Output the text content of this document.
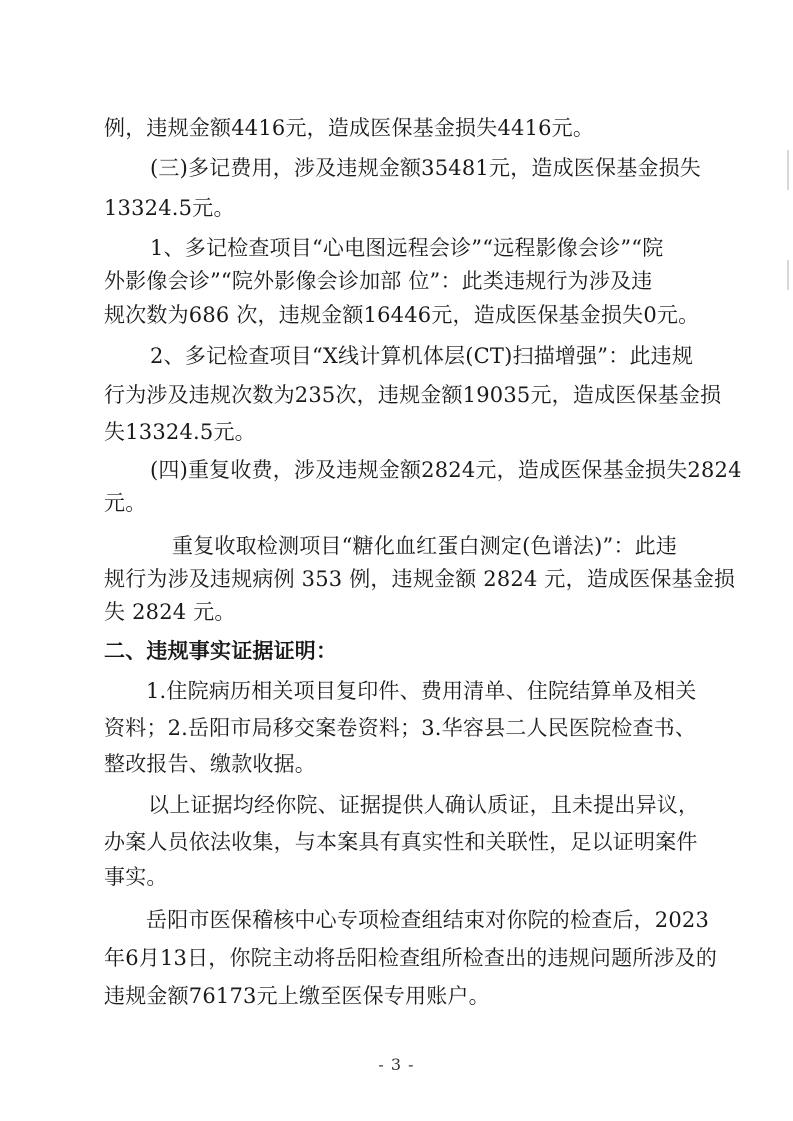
例，违规金额4416元，造成医保基金损失4416元。
(三)多记费用，涉及违规金额35481元，造成医保基金损失
13324.5元。
1、多记检查项目“心电图远程会诊”“远程影像会诊”“院
外影像会诊”“院外影像会诊加部 位”：此类违规行为涉及违
规次数为686 次，违规金额16446元，造成医保基金损失0元。
2、多记检查项目“X线计算机体层(CT)扫描增强”：此违规
行为涉及违规次数为235次，违规金额19035元，造成医保基金损
失13324.5元。
(四)重复收费，涉及违规金额2824元，造成医保基金损失2824
元。
重复收取检测项目“糖化血红蛋白测定(色谱法)”：此违
规行为涉及违规病例 353 例，违规金额 2824 元，造成医保基金损
失 2824 元。
二、违规事实证据证明：
1.住院病历相关项目复印件、费用清单、住院结算单及相关
资料；2.岳阳市局移交案卷资料；3.华容县二人民医院检查书、
整改报告、缴款收据。
以上证据均经你院、证据提供人确认质证，且未提出异议，
办案人员依法收集，与本案具有真实性和关联性，足以证明案件
事实。
岳阳市医保稽核中心专项检查组结束对你院的检查后，2023
年6月13日，你院主动将岳阳检查组所检查出的违规问题所涉及的
违规金额76173元上缴至医保专用账户。
- 3 -
